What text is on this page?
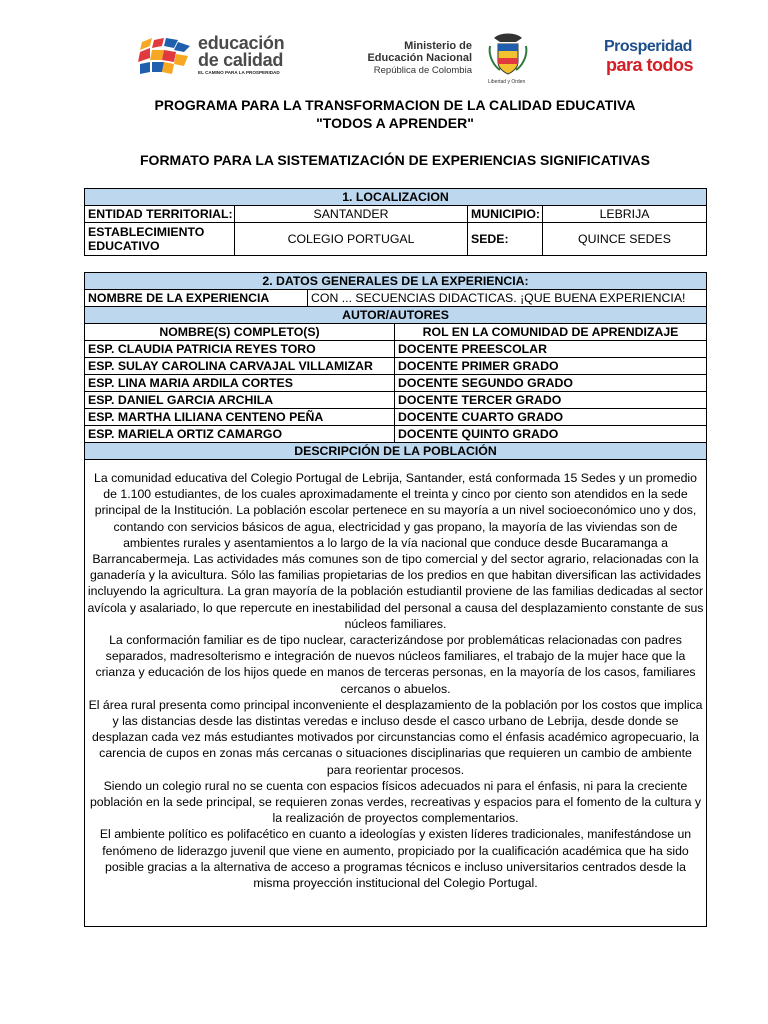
educación
de calidad
EL CAMINO PARA LA PROSPERIDAD
Ministerio de
Educación Nacional
República de Colombia
Libertad y Orden
Prosperidad
para todos
PROGRAMA PARA LA TRANSFORMACION DE LA CALIDAD EDUCATIVA
"TODOS A APRENDER"
FORMATO PARA LA SISTEMATIZACIÓN DE EXPERIENCIAS SIGNIFICATIVAS
1. LOCALIZACION			
ENTIDAD TERRITORIAL:	SANTANDER	MUNICIPIO:	LEBRIJA

ESTABLECIMIENTO
EDUCATIVO	COLEGIO PORTUGAL	SEDE:	QUINCE SEDES
2. DATOS GENERALES DE LA EXPERIENCIA:		
NOMBRE DE LA EXPERIENCIA	CON ... SECUENCIAS DIDACTICAS. ¡QUE BUENA EXPERIENCIA!	
AUTOR/AUTORES		
NOMBRE(S) COMPLETO(S)		ROL EN LA COMUNIDAD DE APRENDIZAJE
ESP. CLAUDIA PATRICIA REYES TORO		DOCENTE PREESCOLAR
ESP. SULAY CAROLINA CARVAJAL VILLAMIZAR		DOCENTE PRIMER GRADO
ESP. LINA MARIA ARDILA CORTES		DOCENTE SEGUNDO GRADO
ESP. DANIEL GARCIA ARCHILA		DOCENTE TERCER GRADO
ESP. MARTHA LILIANA CENTENO PEÑA		DOCENTE CUARTO GRADO
ESP. MARIELA ORTIZ CAMARGO		DOCENTE QUINTO GRADO
DESCRIPCIÓN DE LA POBLACIÓN		

La comunidad educativa del Colegio Portugal de Lebrija, Santander, está conformada 15 Sedes y un promedio de 1.100 estudiantes, de los cuales aproximadamente el treinta y cinco por ciento son atendidos en la sede principal de la Institución. La población escolar pertenece en su mayoría a un nivel socioeconómico uno y dos, contando con servicios básicos de agua, electricidad y gas propano, la mayoría de las viviendas son de ambientes rurales y asentamientos a lo largo de la vía nacional que conduce desde Bucaramanga a Barrancabermeja. Las actividades más comunes son de tipo comercial y del sector agrario, relacionadas con la ganadería y la avicultura. Sólo las familias propietarias de los predios en que habitan diversifican las actividades incluyendo la agricultura. La gran mayoría de la población estudiantil proviene de las familias dedicadas al sector avícola y asalariado, lo que repercute en inestabilidad del personal a causa del desplazamiento constante de sus núcleos familiares.

La conformación familiar es de tipo nuclear, caracterizándose por problemáticas relacionadas con padres separados, madresolterismo e integración de nuevos núcleos familiares, el trabajo de la mujer hace que la crianza y educación de los hijos quede en manos de terceras personas, en la mayoría de los casos, familiares cercanos o abuelos.

El área rural presenta como principal inconveniente el desplazamiento de la población por los costos que implica y las distancias desde las distintas veredas e incluso desde el casco urbano de Lebrija, desde donde se desplazan cada vez más estudiantes motivados por circunstancias como el énfasis académico agropecuario, la carencia de cupos en zonas más cercanas o situaciones disciplinarias que requieren un cambio de ambiente para reorientar procesos.

Siendo un colegio rural no se cuenta con espacios físicos adecuados ni para el énfasis, ni para la creciente población en la sede principal, se requieren zonas verdes, recreativas y espacios para el fomento de la cultura y la realización de proyectos complementarios.

El ambiente político es polifacético en cuanto a ideologías y existen líderes tradicionales, manifestándose un fenómeno de liderazgo juvenil que viene en aumento, propiciado por la cualificación académica que ha sido posible gracias a la alternativa de acceso a programas técnicos e incluso universitarios centrados desde la misma proyección institucional del Colegio Portugal.		
